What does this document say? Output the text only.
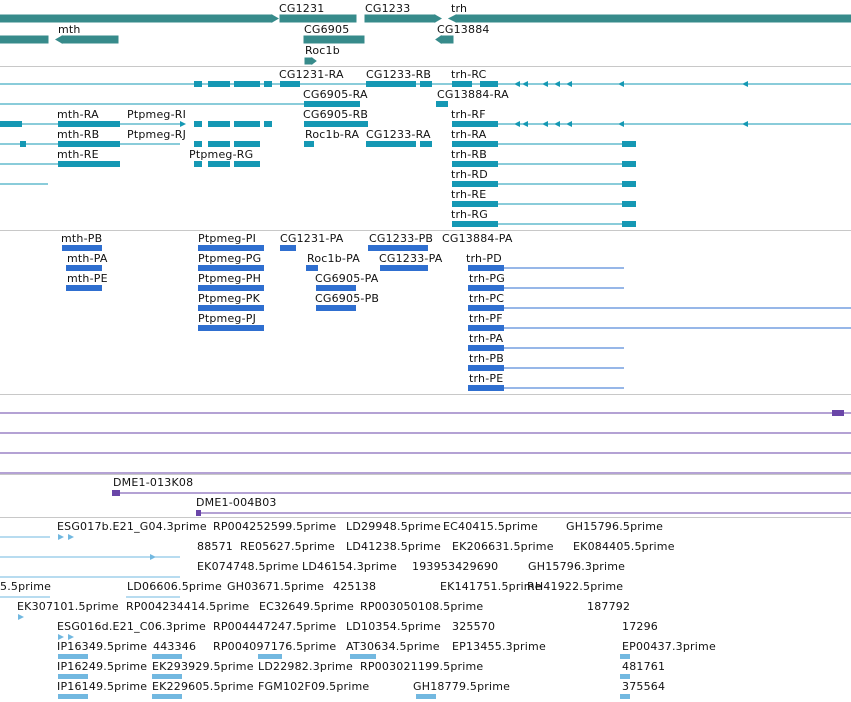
CG1231	CG1233	trh
mth	CG6905	CG13884
Roc1b
CG1231-RA CG1233-RB trh-RC
CG6905-RA	CG13884-RA
mth-RA	Ptpmeg-RI	CG6905-RB	trh-RF
mth-RB	Ptpmeg-RJ	Roc1b-RA CG1233-RA trh-RA
mth-RE	Ptpmeg-RG	trh-RB
trh-RD
trh-RE
trh-RG
mth-PB	Ptpmeg-PI CG1231-PA CG1233-PB CG13884-PA
mth-PA	Ptpmeg-PG	Roc1b-PA CG1233-PA trh-PD
mth-PE	Ptpmeg-PH	CG6905-PA	trh-PG
Ptpmeg-PK	CG6905-PB	trh-PC
Ptpmeg-PJ	trh-PF
trh-PA
trh-PB
trh-PE
DME1-013K08
DME1-004B03
ESG017b.E21_G04.3prime RP004252599.5prime LD29948.5prime EC40415.5prime	GH15796.5prime
88571 RE05627.5prime LD41238.5prime EK206631.5prime EK084405.5prime
EK074748.5prime LD46154.3prime 193953429690	GH15796.3prime
5.5prime	LD06606.5prime GH03671.5prime 425138	EK141751.5prime
RH41922.5prime
EK307101.5prime RP004234414.5prime EC32649.5prime RP003050108.5prime	187792
ESG016d.E21_C06.3prime RP004447247.5prime LD10354.5prime 325570	17296
IP16349.5prime 443346 RP004097176.5prime AT30634.5prime EP13455.3prime	EP00437.3prime
IP16249.5prime EK293929.5prime LD22982.3prime RP003021199.5prime	481761
IP16149.5prime EK229605.5prime FGM102F09.5prime	GH18779.5prime	375564
